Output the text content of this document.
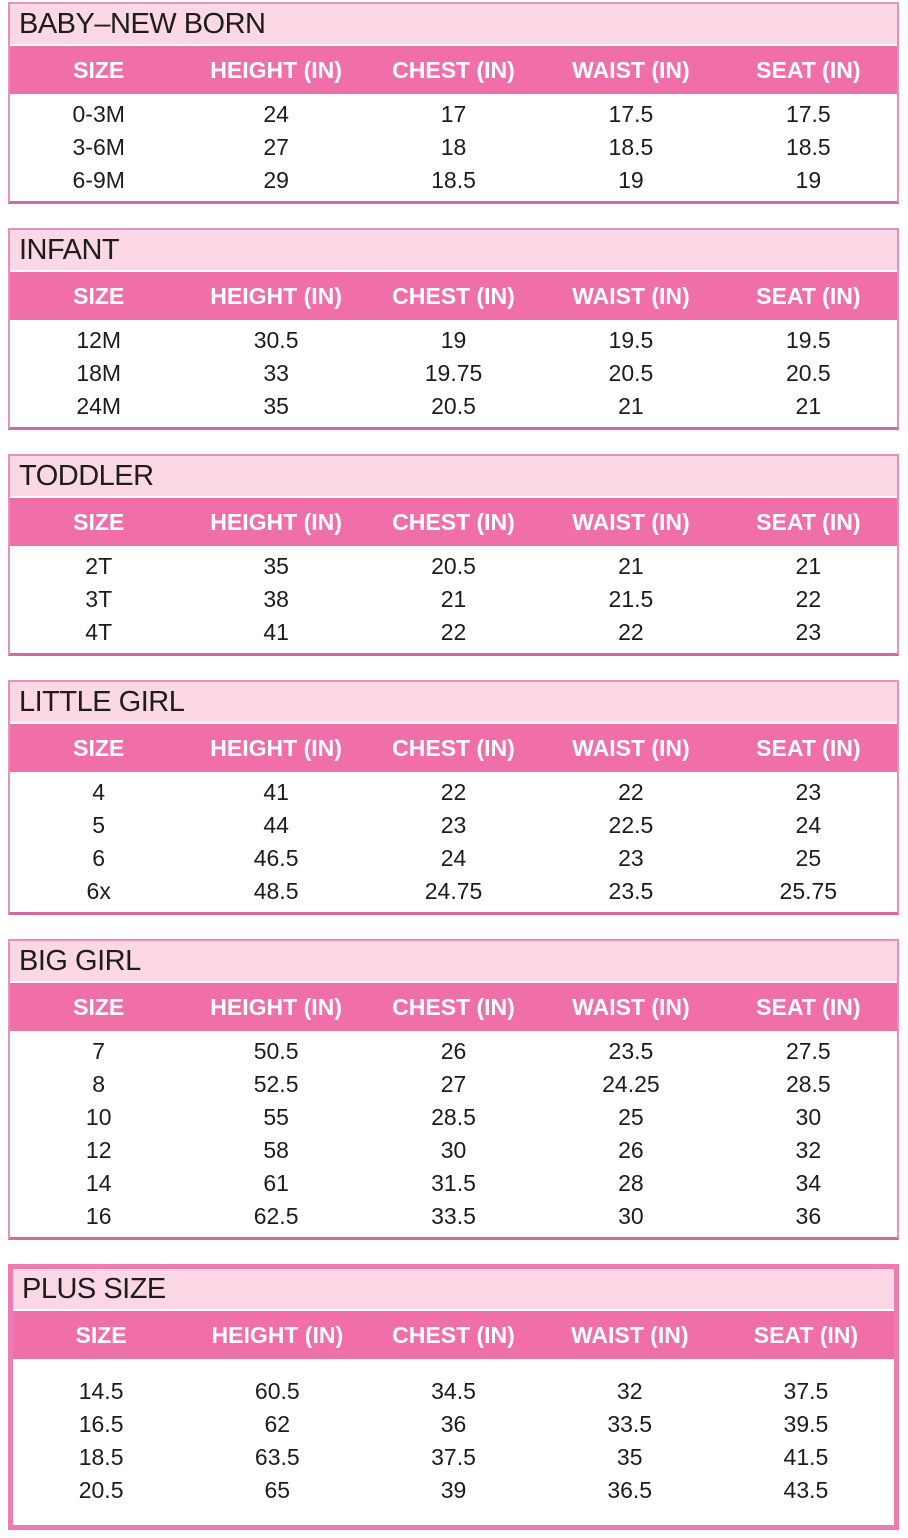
BABY–NEW BORN
SIZE	HEIGHT (IN)	CHEST (IN)	WAIST (IN)	SEAT (IN)
0-3M	24	17	17.5	17.5
3-6M	27	18	18.5	18.5
6-9M	29	18.5	19	19
INFANT
SIZE	HEIGHT (IN)	CHEST (IN)	WAIST (IN)	SEAT (IN)
12M	30.5	19	19.5	19.5
18M	33	19.75	20.5	20.5
24M	35	20.5	21	21
TODDLER
SIZE	HEIGHT (IN)	CHEST (IN)	WAIST (IN)	SEAT (IN)
2T	35	20.5	21	21
3T	38	21	21.5	22
4T	41	22	22	23
LITTLE GIRL
SIZE	HEIGHT (IN)	CHEST (IN)	WAIST (IN)	SEAT (IN)
4	41	22	22	23
5	44	23	22.5	24
6	46.5	24	23	25
6x	48.5	24.75	23.5	25.75
BIG GIRL
SIZE	HEIGHT (IN)	CHEST (IN)	WAIST (IN)	SEAT (IN)
7	50.5	26	23.5	27.5
8	52.5	27	24.25	28.5
10	55	28.5	25	30
12	58	30	26	32
14	61	31.5	28	34
16	62.5	33.5	30	36
PLUS SIZE
SIZE	HEIGHT (IN)	CHEST (IN)	WAIST (IN)	SEAT (IN)
14.5	60.5	34.5	32	37.5
16.5	62	36	33.5	39.5
18.5	63.5	37.5	35	41.5
20.5	65	39	36.5	43.5
